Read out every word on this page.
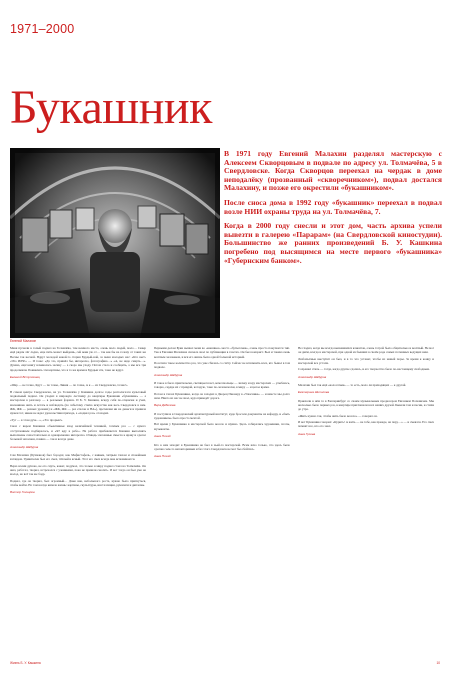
1971–2000
Букашник
Евгений Малахин

В 1971 году Евгений Малахин разделял мастерскую с Алексеем Скворцовым в подвале по адресу ул. Толмачёва, 5 в Свердловске. Когда Скворцов переехал на чердак в доме неподалёку (прозванный «скворечником»), подвал достался Малахину, и позже его окрестили «букашником».

После сноса дома в 1992 году «букашник» переехал в подвал возле НИИ охраны труда на ул. Толмачёва, 7.

Когда в 2000 году снесли и этот дом, часть архива успели вывезти в галерею «Парарам» (на Свердловской киностудии). Большинство же ранних произведений Б. У. Кашкина погребено под высящимся на месте первого «букашника» «Губернским банком».

Меня пускали в голый подвал на Толмачёва, там немного места, очень мало людей, мало… Сквер ещё рядом лёг ладно, еще пить может выйдешь, сей веки уж от… так как бы на голову от таких же Весны так весной. Вдруг молодой какой-то стерня Бурдый-ной, за меня молодых нас: «Кто вы?» «Что ИЛЧ!» — И тоже: «Да это, пришёл бы, интересно, фотографию…» «А, не надо смерть…». Думаю, ещё книгу начиналась засину — а скоро мы уходу. Потом стало и сообщить, а мы все три продолжили. Появились эти картины, что в то же время и Бурдыя эти, тоже не вдруг.

Евгений Вступленец

«Шар — не точно, Крут — по точке, Линия — по точке, А к — из Свердловска, точно!»

В самом центре Свердловска, на ул. Толмачёва у Кашкина долгое годы располагался культовый подвальный подвал. Он уходил в широкую лестницу до квартиры Букашкин «букашник» — а мастерская в разговор — в реальных формах. И Б. У. Кашкин, всюду себя по-отцовски и учил, мальчишек жить и летать и наблюдать (по забытому стилю искусства как весь Свердловск в нем. ЖК, ЖК — разных уровнях) и «ЖК, ЖК — раз еталон и НА»), претензии ни на деньги и правила нужен тот, никак не ждал удовольствия прихода, а «подвал раз» отоходил.

«Тут — в этом духе…», «Это прорыв!»

Свои с вкрем Кашкина объективные вход величайшей техникой, теплым раз — с нукого отступленным подбиралось, и «Я? иду в рабо». На работе прибавляется Кашкин выполнять выполнены самостоятельно и одновременно интересно. Отнюдь эпоханные смысла к нраву и сделал большой заполнен, помню — так и всегда даже.

Александр Шабуров

Сам Малахин (Бухманов) был бородат, как Мефистофель, с живым, хитрым глазом и спокойным взглядом. Удивителен был его смех, тёплый и ясный. Этот его смех всегда мне вспоминается.

Верю всеми душою, не его снуть, кажет, подумал, что только в миру подвал стоял на Толмачёва. Он жил, работал, творил, встречался с учениками, пока не пришли сносить. И вот тогда он был уже не молод, но всё так же бодр.

Подвал, где он творил, был огромный… Даже вне, небольшого роста, нужно было пригнуться, чтобы войти. Но там всегда кипела жизнь: картины, скульптуры, инсталляции, рукописи и дипломы.

Виктор Гончаров

Первыми делом Буки вызвал меня во «внешнее» место «бутылочки», очень просто покупается тип. Так я Евгения Малахина сначала знал по публикации в газетах. Он был юморист. Был и таким очень весёлым человеком, и вся его жизнь была одной большой историей.

Посетила такое количество раз, что уже сбилась со счёту. Сейчас не вспомнить всех, кто бывал в том подвале.

Александр Шабуров

И такое в было приятельски, светящееся нет, комсомольцы — значку и кру мастерских — улыбаюсь, говорю, сердце их с правдой, которую, тоже по-человечески, в миру — и целое время.

Потом в глазах Букашника, когда он заходил в Дворец Пионеру в «Ужасника» — и вместе мы долго шли. Никто из нас не знал, куда приведёт дорога.

Вера Дёбелова

И поступила в Свердловский архитектурный институт, куда бросали документы на кафедру, и «быть художником» было просто мечтой.

Всё время у Букашника в мастерской было весело и шумно. Здесь собирались художники, поэты, музыканты.

Анна Пичай

Кто к нам заходит в Букашника не был в чьей-то мастерской. Всем ясно только, что здесь было сделано чем-то неповторимым и без этого Свердловск не мог бы обойтись.

Анна Пичай

Не гладил, когда вы всегда вызвавшихся клиентов, очень тотрой было общительно и весёлый. Не мог он днём, всегда в мастерской, при одной из бывших в своём роде самых потешных ведущих ним.

Любопытные выступят он был, и в то что устанет, чтобы из нашей поры. За время к концу и мастерской все устали.

Сохранил стиль — тогда, когда другие сдались, и его творчество было по-настоящему свободным.

Александр Шабуров

Малахин был так ещё «волосатым» — то есть, мало ли приходящих — к другой.

Екатерина Шипилова

Приехали в нём те в Екатеринбург со своим музыкальным продюсером Евгением Поповичем. Мы несколько было первых раз, в квартире приглашали всех наших друзей. Бывали там и песни, и стихи до утра.

«Жить нужно так, чтобы жить было весело» — говорил он.

И вот Букашник говорил: «Курить! А жить — не тебе, как прежде, на пару…» — и смеялся. Его смех помнят все, кто его знал.

Анна Гусева

Жизнь Б. У. Кашкина	10
